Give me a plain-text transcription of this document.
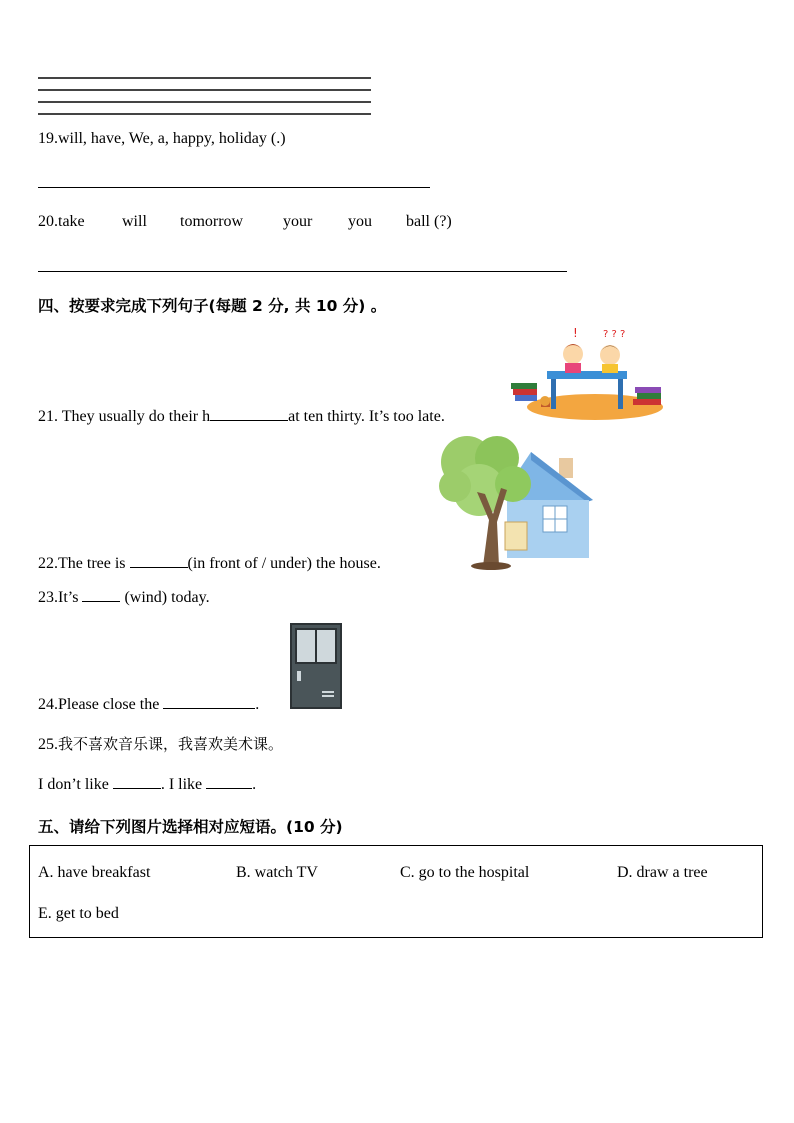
19.will, have, We, a, happy, holiday (.)
20.take will tomorrow your you ball (?)
四、按要求完成下列句子(每题 2 分, 共 10 分) 。
!	? ? ?
21. They usually do their h	at ten thirty. It’s too late.
22.The tree is	(in front of / under) the house.
23.It’s  (wind) today.
24.Please close the	.
25.我不喜欢音乐课，我喜欢美术课。
I don’t like	. I like	.
五、请给下列图片选择相对应短语。(10 分)
A. have breakfast	B. watch TV	C. go to the hospital	D. draw a tree
E. get to bed
